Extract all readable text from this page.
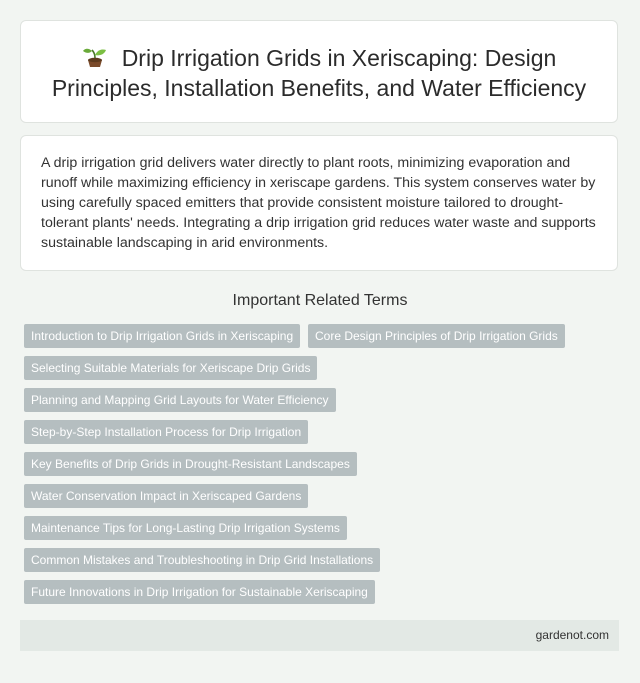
Drip Irrigation Grids in Xeriscaping: Design Principles, Installation Benefits, and Water Efficiency

A drip irrigation grid delivers water directly to plant roots, minimizing evaporation and runoff while maximizing efficiency in xeriscape gardens. This system conserves water by using carefully spaced emitters that provide consistent moisture tailored to drought-tolerant plants' needs. Integrating a drip irrigation grid reduces water waste and supports sustainable landscaping in arid environments.

Important Related Terms
Introduction to Drip Irrigation Grids in Xeriscaping	Core Design Principles of Drip Irrigation Grids
Selecting Suitable Materials for Xeriscape Drip Grids
Planning and Mapping Grid Layouts for Water Efficiency
Step-by-Step Installation Process for Drip Irrigation
Key Benefits of Drip Grids in Drought-Resistant Landscapes
Water Conservation Impact in Xeriscaped Gardens
Maintenance Tips for Long-Lasting Drip Irrigation Systems
Common Mistakes and Troubleshooting in Drip Grid Installations
Future Innovations in Drip Irrigation for Sustainable Xeriscaping
gardenot.com
